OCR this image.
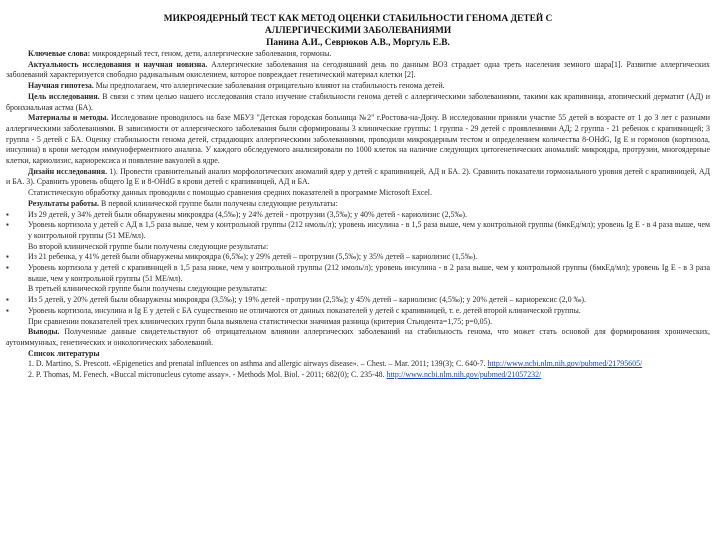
МИКРОЯДЕРНЫЙ ТЕСТ КАК МЕТОД ОЦЕНКИ СТАБИЛЬНОСТИ ГЕНОМА ДЕТЕЙ С
АЛЛЕРГИЧЕСКИМИ ЗАБОЛЕВАНИЯМИ
Панина А.И., Севрюков А.В., Моргуль Е.В.

Ключевые слова: микроядерный тест, геном, дети, аллергические заболевания, гормоны.

Актуальность исследования и научная новизна. Аллергические заболевания на сегодняшний день по данным ВОЗ страдает одна треть населения земного шара[1]. Развитие аллергических заболеваний характеризуется свободно радикальным окислением, которое повреждает генетический материал клетки [2].

Научная гипотеза. Мы предполагаем, что аллергические заболевания отрицательно влияют на стабильность генома детей.

Цель исследования. В связи с этим целью нашего исследования стало изучение стабильности генома детей с аллергическими заболеваниями, такими как крапивница, атопический дерматит (АД) и бронхиальная астма (БА).

Материалы и методы. Исследование проводилось на базе МБУЗ "Детская городская больница №2" г.Ростова-на-Дону. В исследовании приняли участие 55 детей в возрасте от 1 до 3 лет с разными аллергическими заболеваниями. В зависимости от аллергического заболевания были сформированы 3 клинические группы: 1 группа - 29 детей с проявлениями АД; 2 группа - 21 ребенок с крапивницей; 3 группа - 5 детей с БА. Оценку стабильности генома детей, страдающих аллергическими заболеваниями, проводили микроядерным тестом и определением количества 8-OHdG, Ig E и гормонов (кортизола, инсулина) в крови методом иммуноферментного анализа. У каждого обследуемого анализировали по 1000 клеток на наличие следующих цитогенетических аномалий: микроядра, протрузии, многоядерные клетки, кариолизис, кариорексиса и появление вакуолей в ядре.

Дизайн исследования. 1). Провести сравнительный анализ морфологических аномалий ядер у детей с крапивницей, АД и БА. 2). Сравнить показатели гормонального уровня детей с крапивницей, АД и БА. 3). Сравнить уровень общего Ig E и 8-OHdG в крови детей с крапивницей, АД и БА.

Статистическую обработку данных проводили с помощью сравнения средних показателей в программе Microsoft Excel.

Результаты работы. В первой клинической группе были получены следующие результаты:

▪ Из 29 детей, у 34% детей были обнаружены микроядра (4,5‰); у 24% детей - протрузии (3,5‰); у 40% детей - кариолизис (2,5‰).

▪ Уровень кортизола у детей с АД в 1,5 раза выше, чем у контрольной группы (212 нмоль/л); уровень инсулина - в 1,5 раза выше, чем у контрольной группы (6мкЕд/мл); уровень Ig E - в 4 раза выше, чем у контрольной группы (51 МЕ/мл).

Во второй клинической группе были получены следующие результаты:

▪ Из 21 ребенка, у 41% детей были обнаружены микроядра (6,5‰); у 29% детей – протрузии (5,5‰); у 35% детей – кариолизис (1,5‰).

▪ Уровень кортизола у детей с крапивницей в 1,5 раза ниже, чем у контрольной группы (212 нмоль/л); уровень инсулина - в 2 раза выше, чем у контрольной группы (6мкЕд/мл); уровень Ig E - в 3 раза выше, чем у контрольной группы (51 МЕ/мл).

В третьей клинической группе были получены следующие результаты:

▪ Из 5 детей, у 20% детей были обнаружены микроядра (3,5‰); у 19% детей - протрузии (2,5‰); у 45% детей – кариолизис (4,5‰); у 20% детей – кариорексис (2,0 ‰).

▪ Уровень кортизола, инсулина и Ig E у детей с БА существенно не отличаются от данных показателей у детей с крапивницей, т. е. детей второй клинической группы.

При сравнении показателей трех клинических групп была выявлена статистически значимая разница (критерия Стьюдента=1,75; p=0,05).

Выводы. Полученные данные свидетельствуют об отрицательном влиянии аллергических заболеваний на стабильность генома, что может стать основой для формирования хронических, аутоиммунных, генетических и онкологических заболеваний.

Список литературы

1. D. Martino, S. Prescott. «Epigenetics and prenatal influences on asthma and allergic airways disease». – Chest. – Мar. 2011; 139(3); С. 640-7. http://www.ncbi.nlm.nih.gov/pubmed/21795605/

2. P. Thomas, M. Fenech. «Buccal micronucleus cytome assay». - Methods Mol. Biol. - 2011; 682(0); С. 235-48. http://www.ncbi.nlm.nih.gov/pubmed/21057232/
